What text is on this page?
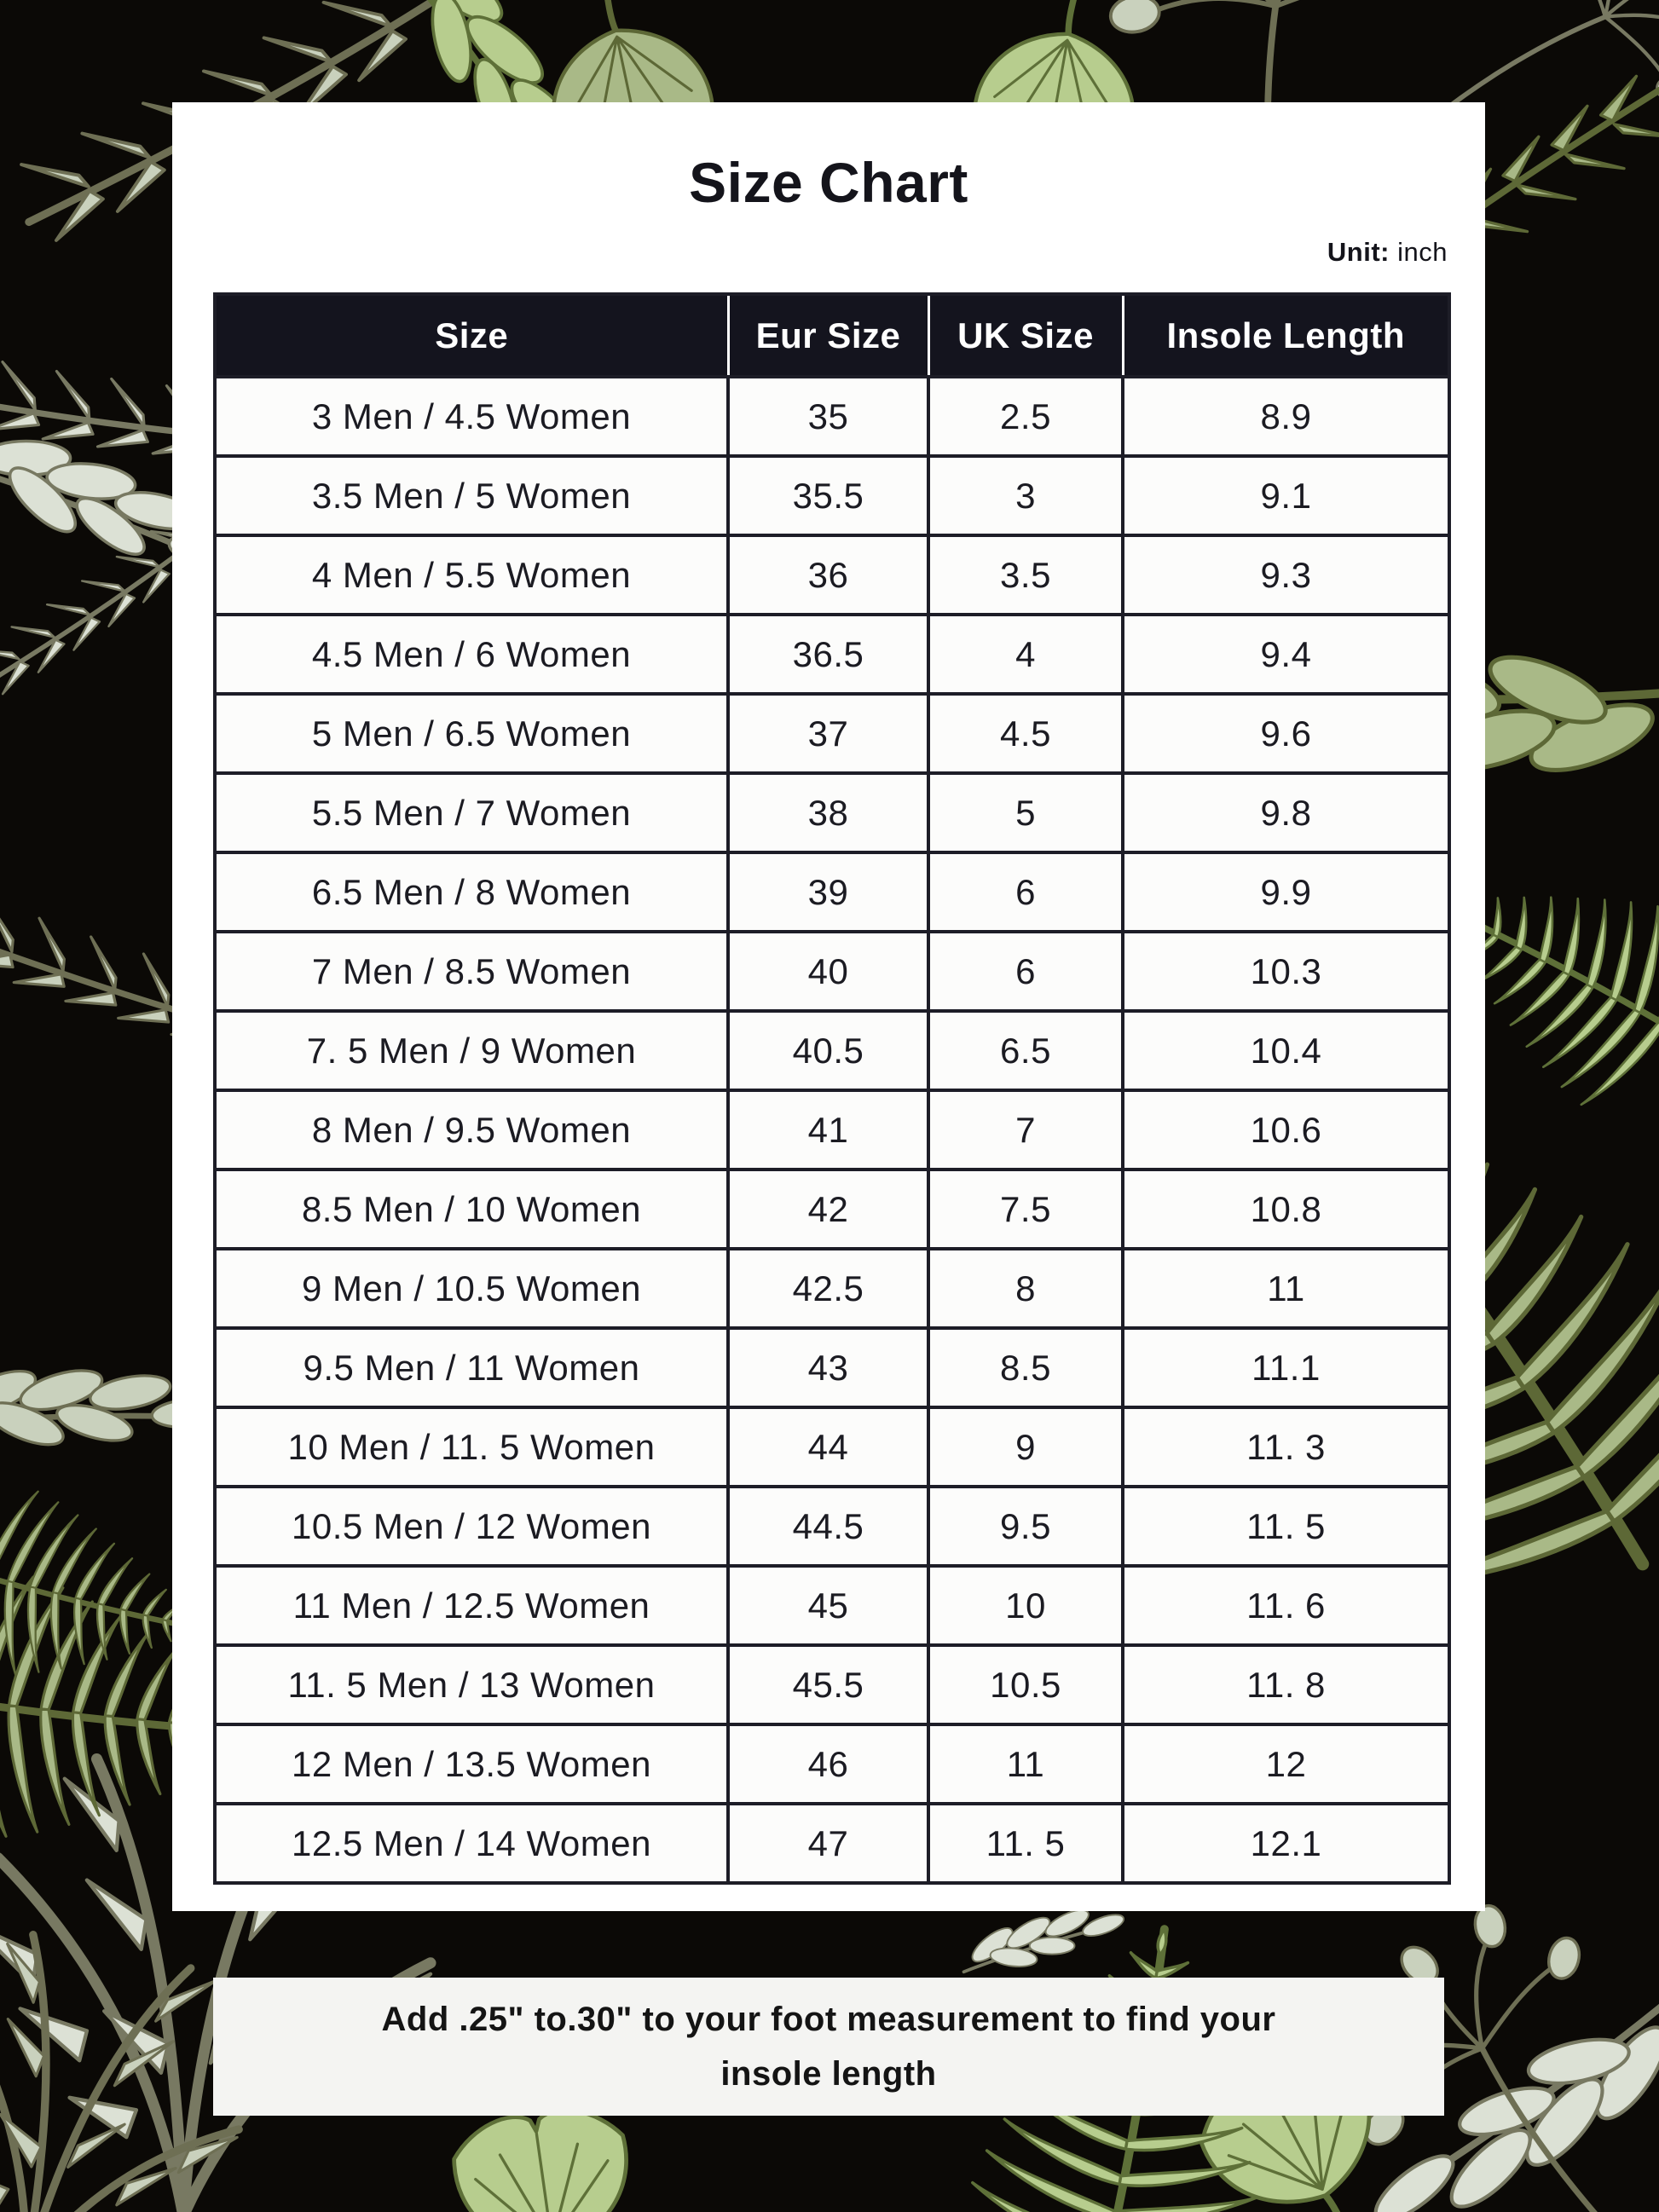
Size Chart
Unit: inch
Size	Eur Size	UK Size	Insole Length
3 Men / 4.5 Women	35	2.5	8.9
3.5 Men / 5 Women	35.5	3	9.1
4 Men / 5.5 Women	36	3.5	9.3
4.5 Men / 6 Women	36.5	4	9.4
5 Men / 6.5 Women	37	4.5	9.6
5.5 Men / 7 Women	38	5	9.8
6.5 Men / 8 Women	39	6	9.9
7 Men / 8.5 Women	40	6	10.3
7. 5 Men / 9 Women	40.5	6.5	10.4
8 Men / 9.5 Women	41	7	10.6
8.5 Men / 10 Women	42	7.5	10.8
9 Men / 10.5 Women	42.5	8	11
9.5 Men / 11 Women	43	8.5	11.1
10 Men / 11. 5 Women	44	9	11. 3
10.5 Men / 12 Women	44.5	9.5	11. 5
11 Men / 12.5 Women	45	10	11. 6
11. 5 Men / 13 Women	45.5	10.5	11. 8
12 Men / 13.5 Women	46	11	12
12.5 Men / 14 Women	47	11. 5	12.1
Add .25" to.30" to your foot measurement to find your
insole length
